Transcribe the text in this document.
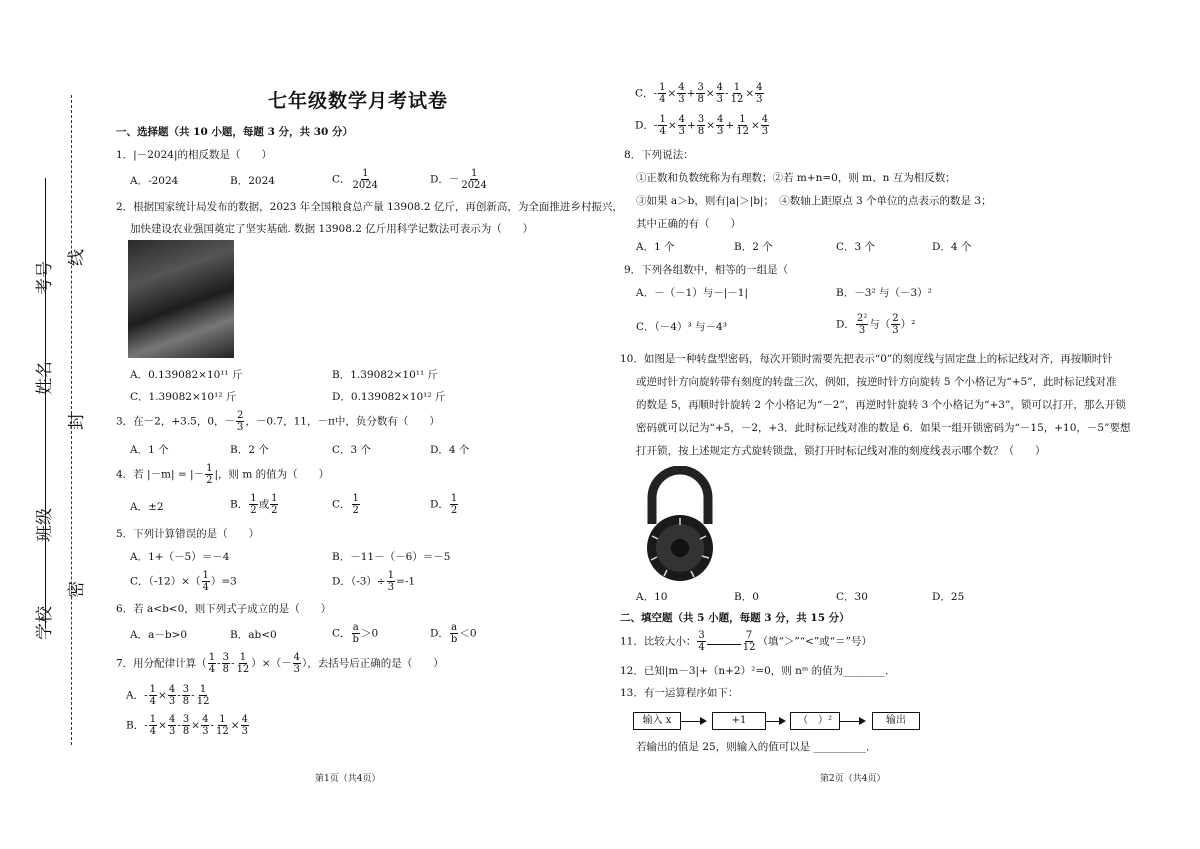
学校
班级
姓名
考号
线
封
密
七年级数学月考试卷
一、选择题（共 10 小题，每题 3 分，共 30 分）
1．|－2024|的相反数是（　　）
A．-2024	B．2024	C． $\frac{1}{2024}$	D．－ $\frac{1}{2024}$
2．根据国家统计局发布的数据，2023 年全国粮食总产量 13908.2 亿斤，再创新高，为全面推进乡村振兴，
加快建设农业强国奠定了坚实基础. 数据 13908.2 亿斤用科学记数法可表示为（　　）
A．0.139082×10¹¹ 斤	B．1.39082×10¹¹ 斤
C．1.39082×10¹² 斤	D．0.139082×10¹² 斤
3．在－2，+3.5，0，－ $\frac{2}{3}$ ，－0.7，11，－π中，负分数有（　　）
A．1 个	B．2 个	C．3 个	D．4 个
4．若 |－m| = |－ $\frac{1}{2}$ |，则 m 的值为（　　）
A．±2	B． $\frac{1}{2}$ 或 $\frac{1}{2}$	C． $\frac{1}{2}$	D． $\frac{1}{2}$
5．下列计算错误的是（　　）
A．1+（－5）＝－4	B．－11－（－6）＝－5
C．$(-12)\times( \frac{1}{4} )=3$	D．$(-3)\div \frac{1}{3} =-1$
6．若 a<b<0，则下列式子成立的是（　　）
A．a－b>0	B．ab<0	C． $\frac{a}{b} >0$	D． $\frac{a}{b} <0$
7．用分配律计算（ $\frac{1}{4} - \frac{3}{8} - \frac{1}{12}$ ）×（－ $\frac{4}{3}$ ），去括号后正确的是（　　）
A．- $\frac{1}{4} \times \frac{4}{3} - \frac{3}{8} - \frac{1}{12}$
B．- $\frac{1}{4} \times \frac{4}{3} - \frac{3}{8} \times \frac{4}{3} - \frac{1}{12} \times \frac{4}{3}$
第1页（共4页）
C．- $\frac{1}{4} \times \frac{4}{3} + \frac{3}{8} \times \frac{4}{3} - \frac{1}{12} \times \frac{4}{3}$
D．- $\frac{1}{4} \times \frac{4}{3} + \frac{3}{8} \times \frac{4}{3} + \frac{1}{12} \times \frac{4}{3}$
8．下列说法：
①正数和负数统称为有理数；②若 m+n=0，则 m、n 互为相反数；
③如果 a＞b，则有|a|＞|b|；　④数轴上距原点 3 个单位的点表示的数是 3；
其中正确的有（　　）
A．1 个	B．2 个	C．3 个	D．4 个
9．下列各组数中，相等的一组是（　　
A．－（－1）与－|－1|	B．－3² 与（－3）²
C．（－4）³ 与－4³	D． $\frac{\text{2²}}{3}$ 与（ $\frac{2}{3} )^2$
10．如图是一种转盘型密码，每次开锁时需要先把表示“0”的刻度线与固定盘上的标记线对齐，再按顺时针
或逆时针方向旋转带有刻度的转盘三次，例如，按逆时针方向旋转 5 个小格记为“+5”，此时标记线对准
的数是 5，再顺时针旋转 2 个小格记为“－2”，再逆时针旋转 3 个小格记为“+3”，锁可以打开，那么开锁
密码就可以记为“+5，－2，+3．此时标记线对准的数是 6．如果一组开锁密码为“－15，+10，－5”要想
打开锁，按上述规定方式旋转锁盘，锁打开时标记线对准的刻度线表示哪个数？（　　）
A．10	B．0	C．30	D．25
二、填空题（共 5 小题，每题 3 分，共 15 分）
11．比较大小： $\frac{3}{4}$	$\frac{7}{12}$ （填“＞”“<”或“＝”号）
12．已知|m－3|+（n+2）²=0，则 nᵐ 的值为________．
13．有一运算程序如下：
输入 x	+1	（　）²	输出
若输出的值是 25，则输入的值可以是 __________．
第2页（共4页）
